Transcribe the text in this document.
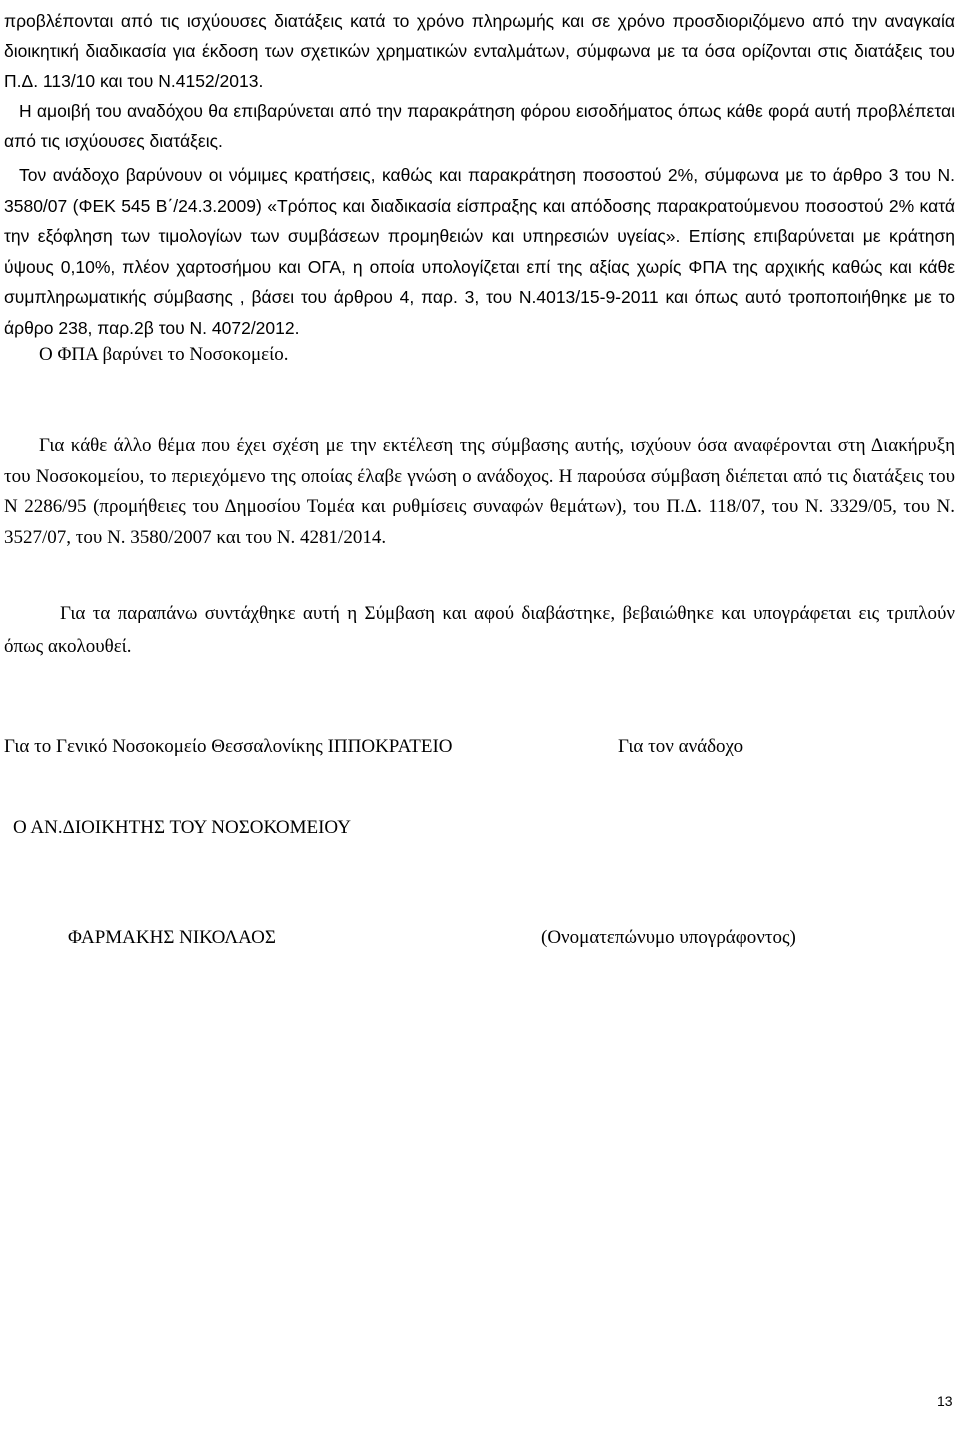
προβλέπονται από τις ισχύουσες διατάξεις κατά το χρόνο πληρωμής και σε χρόνο προσδιοριζόμενο από την αναγκαία διοικητική διαδικασία για έκδοση των σχετικών χρηματικών ενταλμάτων, σύμφωνα με τα όσα ορίζονται στις διατάξεις του Π.Δ. 113/10 και του Ν.4152/2013.

Η αμοιβή του αναδόχου θα επιβαρύνεται από την παρακράτηση φόρου εισοδήματος όπως κάθε φορά αυτή προβλέπεται από τις ισχύουσες διατάξεις.

Τον ανάδοχο βαρύνουν οι νόμιμες κρατήσεις, καθώς και παρακράτηση ποσοστού 2%, σύμφωνα με το άρθρο 3 του Ν. 3580/07 (ΦΕΚ 545 Β΄/24.3.2009) «Τρόπος και διαδικασία είσπραξης και απόδοσης παρακρατούμενου ποσοστού 2% κατά την εξόφληση των τιμολογίων των συμβάσεων προμηθειών και υπηρεσιών υγείας». Επίσης επιβαρύνεται με κράτηση ύψους 0,10%, πλέον χαρτοσήμου και ΟΓΑ, η οποία υπολογίζεται επί της αξίας χωρίς ΦΠΑ της αρχικής καθώς και κάθε συμπληρωματικής σύμβασης , βάσει του άρθρου 4, παρ. 3, του Ν.4013/15-9-2011 και όπως αυτό τροποποιήθηκε με το άρθρο 238, παρ.2β του Ν. 4072/2012.

Ο ΦΠΑ βαρύνει το Νοσοκομείο.

Για κάθε άλλο θέμα που έχει σχέση με την εκτέλεση της σύμβασης αυτής, ισχύουν όσα αναφέρονται στη Διακήρυξη του Νοσοκομείου, το περιεχόμενο της οποίας έλαβε γνώση ο ανάδοχος. Η παρούσα σύμβαση διέπεται από τις διατάξεις του Ν 2286/95 (προμήθειες του Δημοσίου Τομέα και ρυθμίσεις συναφών θεμάτων), του Π.Δ. 118/07, του Ν. 3329/05, του Ν. 3527/07, του Ν. 3580/2007 και του Ν. 4281/2014.

Για τα παραπάνω συντάχθηκε αυτή η Σύμβαση και αφού διαβάστηκε, βεβαιώθηκε και υπογράφεται εις τριπλούν όπως ακολουθεί.

Για το Γενικό Νοσοκομείο Θεσσαλονίκης ΙΠΠΟΚΡΑΤΕΙΟ	Για τον ανάδοχο

Ο ΑΝ.ΔΙΟΙΚΗΤΗΣ ΤΟΥ ΝΟΣΟΚΟΜΕΙΟΥ

ΦΑΡΜΑΚΗΣ ΝΙΚΟΛΑΟΣ	(Ονοματεπώνυμο υπογράφοντος)

13
